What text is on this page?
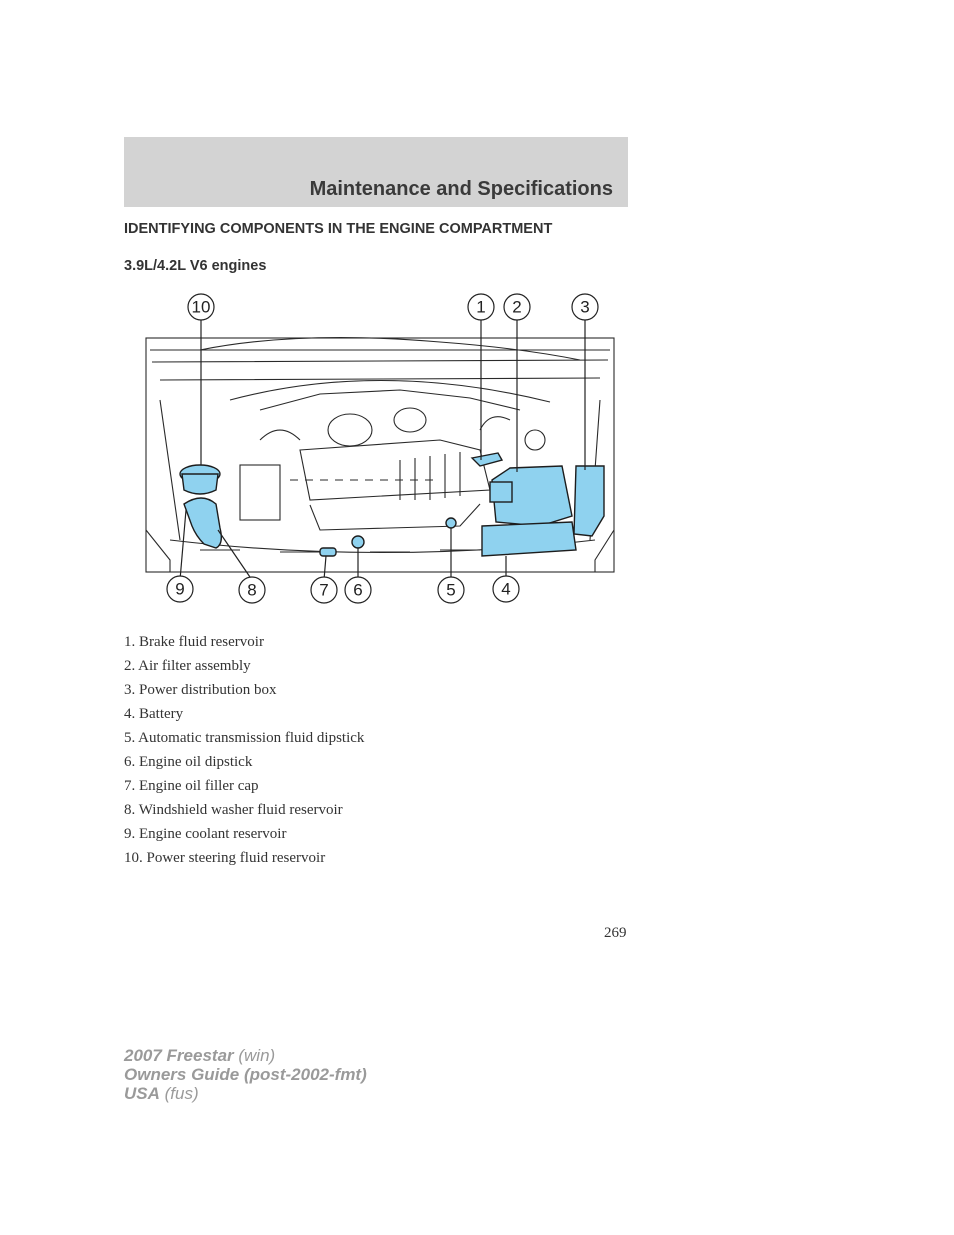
Maintenance and Specifications
IDENTIFYING COMPONENTS IN THE ENGINE COMPARTMENT
3.9L/4.2L V6 engines
10	1 2	3
9	8	7 6	5	4
1. Brake fluid reservoir
2. Air filter assembly
3. Power distribution box
4. Battery
5. Automatic transmission fluid dipstick
6. Engine oil dipstick
7. Engine oil filler cap
8. Windshield washer fluid reservoir
9. Engine coolant reservoir
10. Power steering fluid reservoir
269
2007 Freestar (win)
Owners Guide (post-2002-fmt)
USA (fus)
